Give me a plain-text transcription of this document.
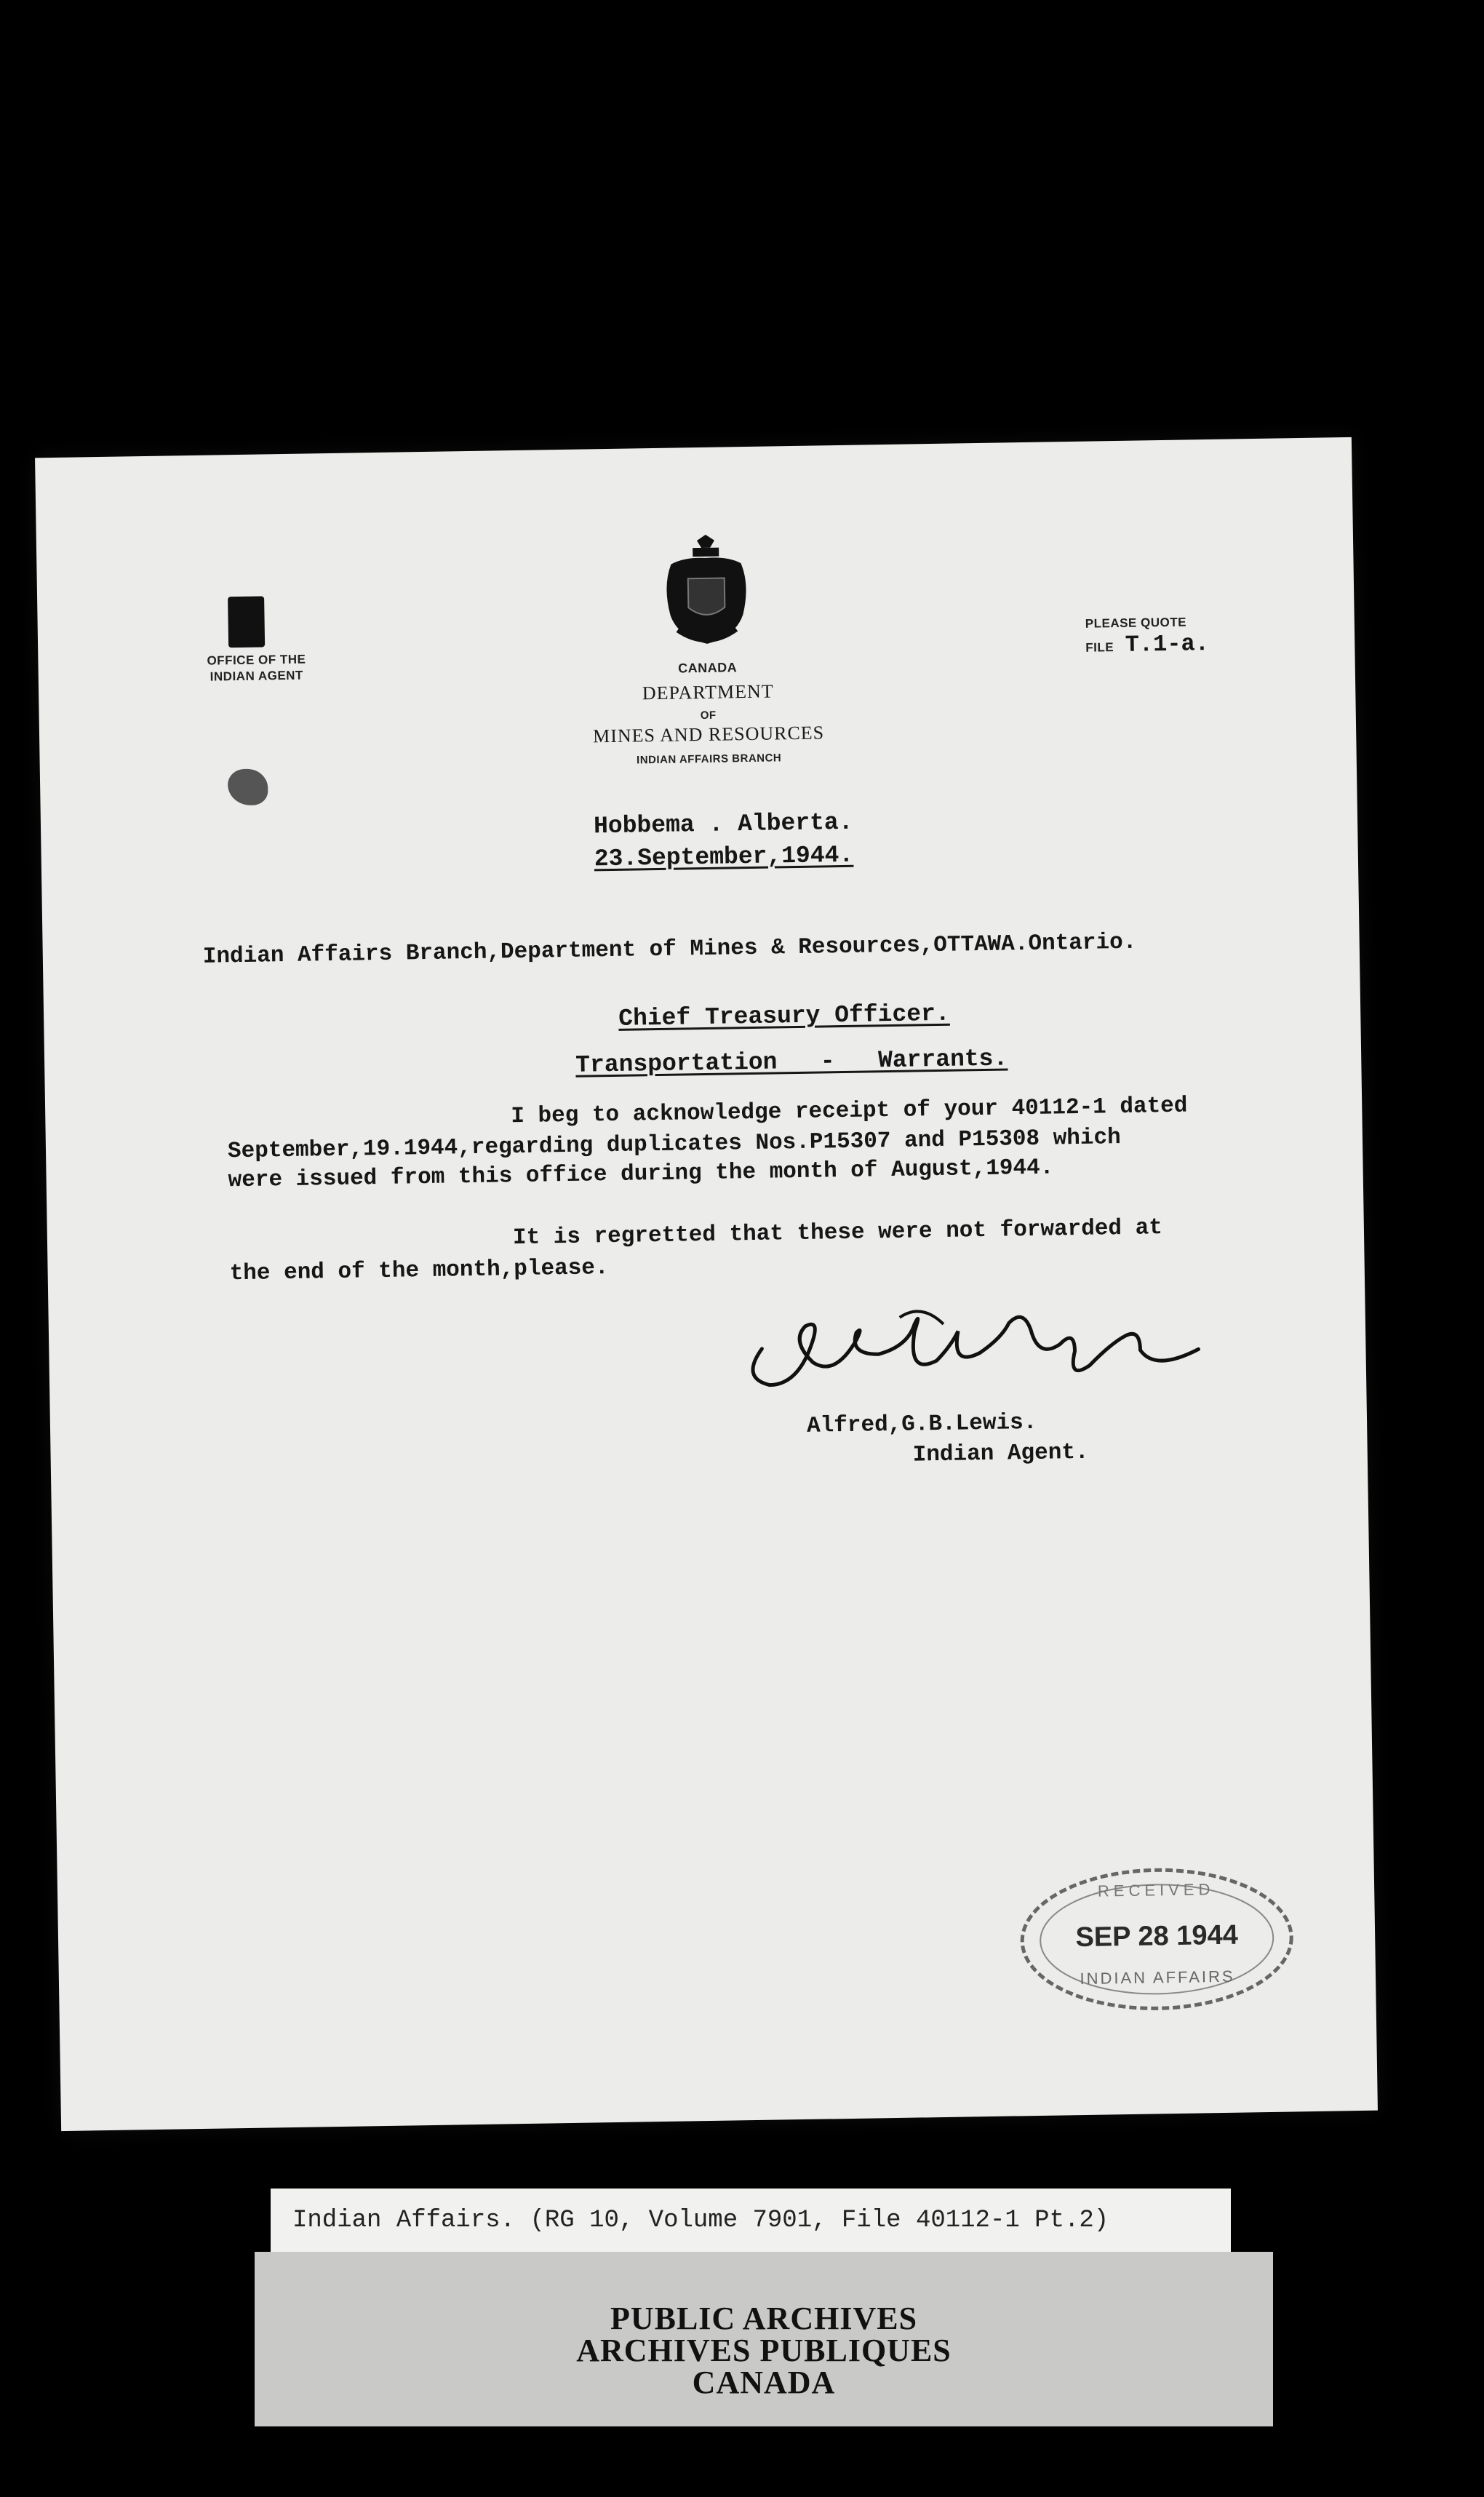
OFFICE OF THE
INDIAN AGENT
CANADA
DEPARTMENT
OF
MINES AND RESOURCES
INDIAN AFFAIRS BRANCH
PLEASE QUOTE
FILE T.1-a.
Hobbema . Alberta.
23.September,1944.
Indian Affairs Branch,Department of Mines & Resources,OTTAWA.Ontario.
Chief Treasury Officer.
Transportation   -   Warrants.
I beg to acknowledge receipt of your 40112-1 dated
September,19.1944,regarding duplicates Nos.P15307 and P15308 which
were issued from this office during the month of August,1944.
It is regretted that these were not forwarded at
the end of the month,please.
Alfred,G.B.Lewis.
Indian Agent.
RECEIVED
SEP 28 1944
INDIAN AFFAIRS
Indian Affairs. (RG 10, Volume 7901, File 40112-1 Pt.2)
PUBLIC ARCHIVES
ARCHIVES PUBLIQUES
CANADA
